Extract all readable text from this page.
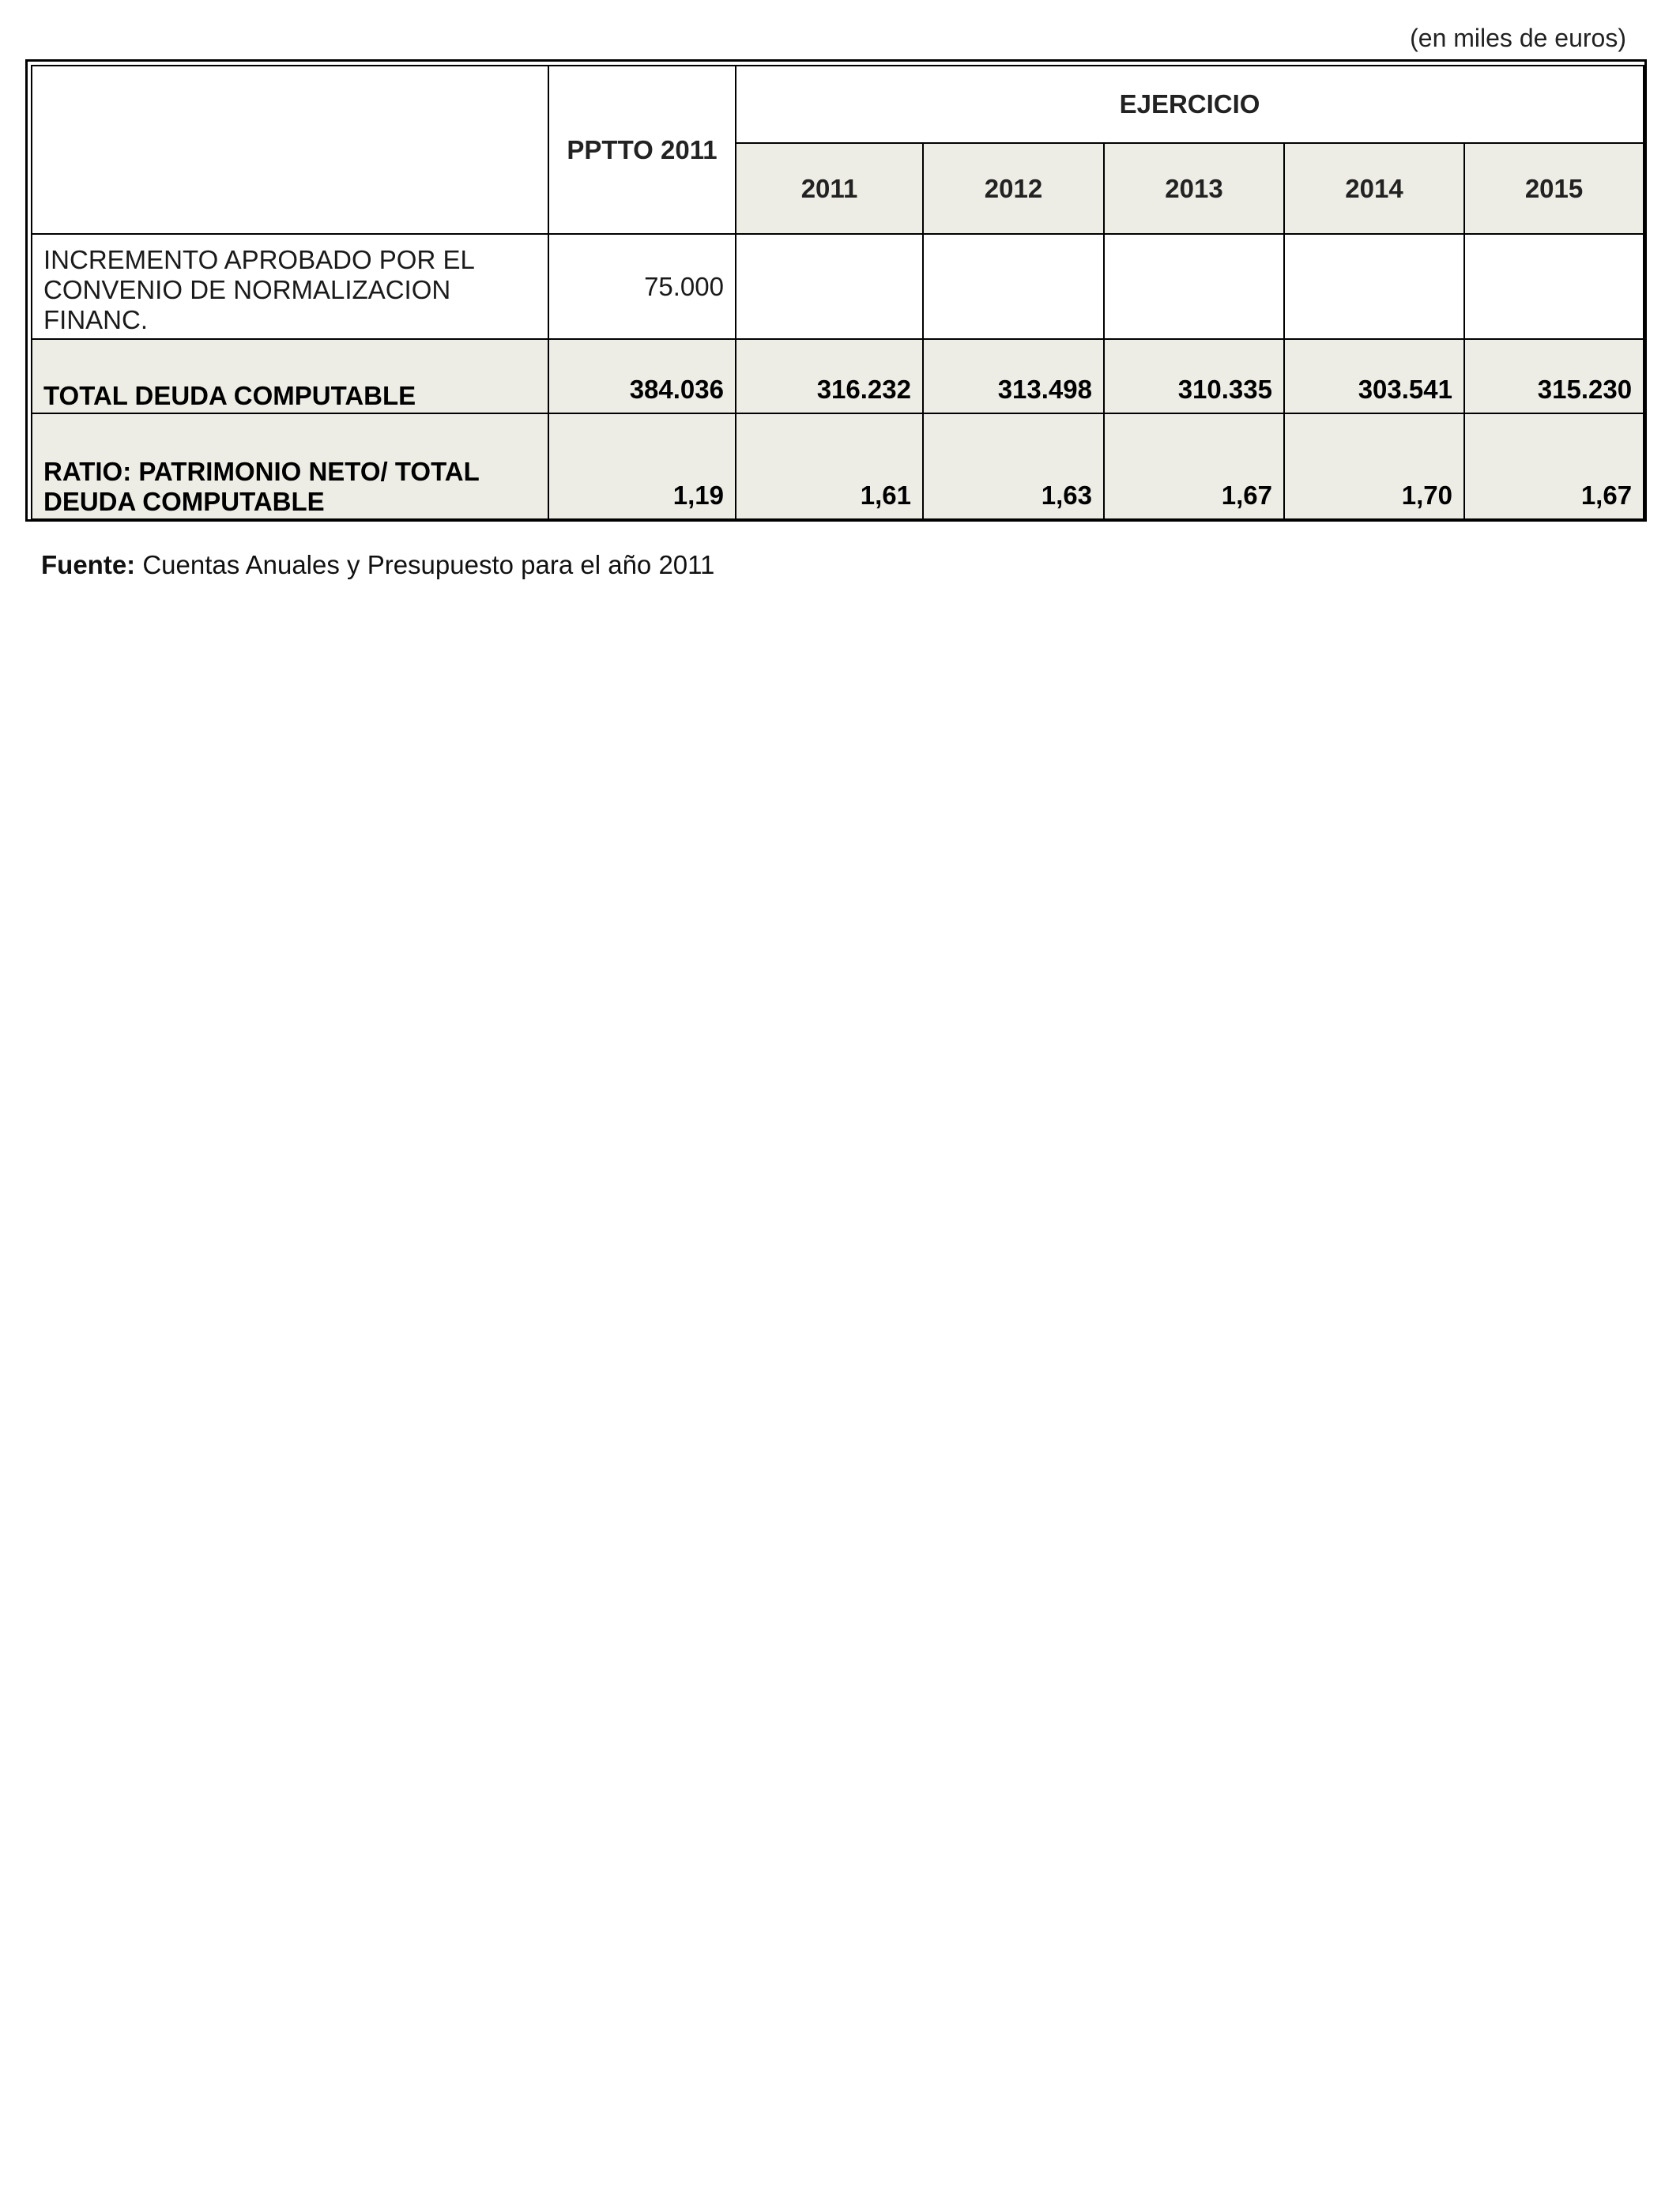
(en miles de euros)
	PPTTO 2011	EJERCICIO				
		2011	2012	2013	2014	2015
INCREMENTO APROBADO POR EL CONVENIO DE NORMALIZACION FINANC.	75.000					
TOTAL DEUDA COMPUTABLE	384.036	316.232	313.498	310.335	303.541	315.230
RATIO: PATRIMONIO NETO/ TOTAL DEUDA COMPUTABLE	1,19	1,61	1,63	1,67	1,70	1,67
Fuente: Cuentas Anuales y Presupuesto para el año 2011
